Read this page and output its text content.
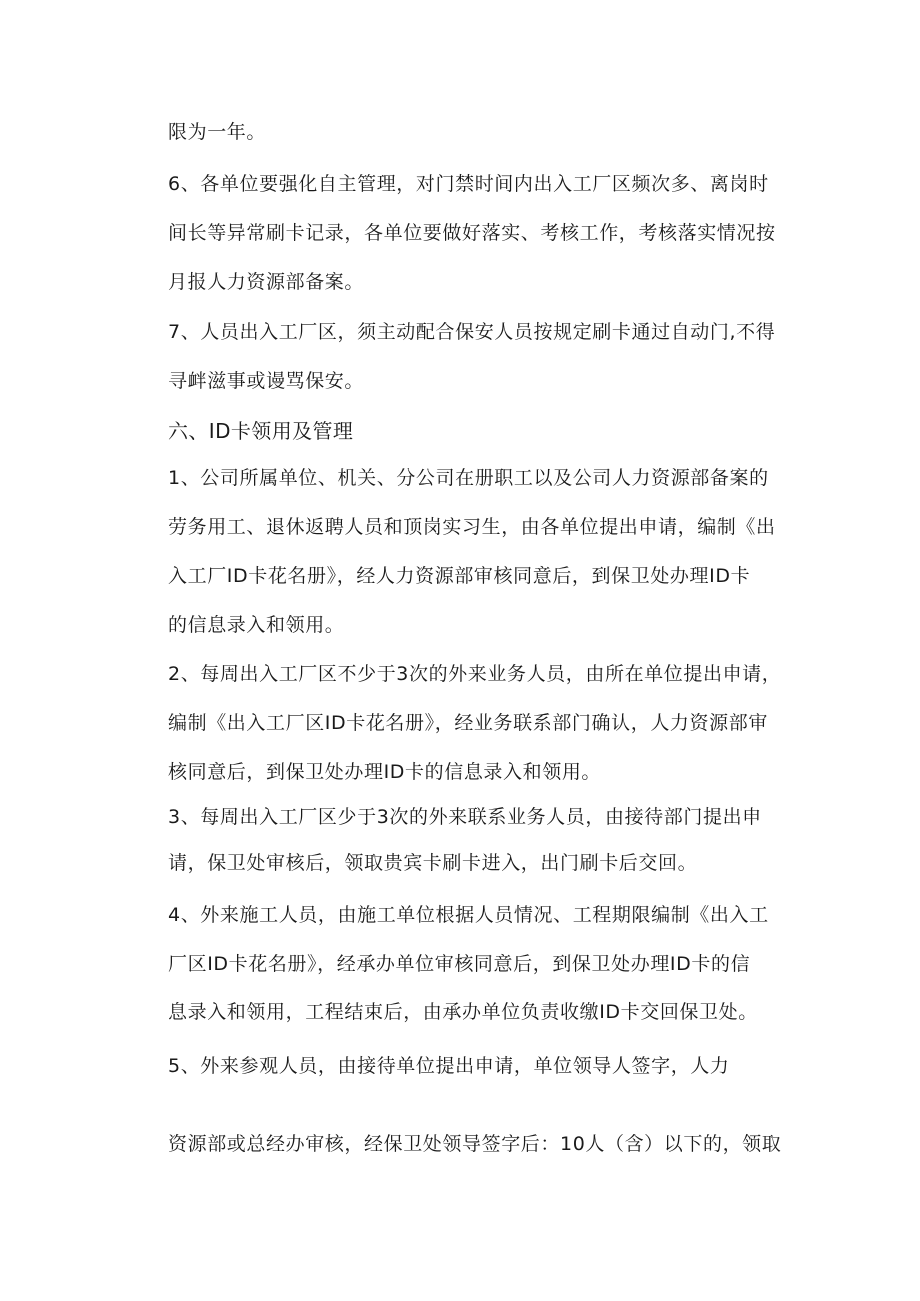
限为一年。
6、各单位要强化自主管理，对门禁时间内出入工厂区频次多、离岗时
间长等异常刷卡记录，各单位要做好落实、考核工作，考核落实情况按
月报人力资源部备案。
7、人员出入工厂区，须主动配合保安人员按规定刷卡通过自动门,不得
寻衅滋事或谩骂保安。
六、ID卡领用及管理
1、公司所属单位、机关、分公司在册职工以及公司人力资源部备案的
劳务用工、退休返聘人员和顶岗实习生，由各单位提出申请，编制《出
入工厂ID卡花名册》，经人力资源部审核同意后，到保卫处办理ID卡
的信息录入和领用。
2、每周出入工厂区不少于3次的外来业务人员，由所在单位提出申请，
编制《出入工厂区ID卡花名册》，经业务联系部门确认，人力资源部审
核同意后，到保卫处办理ID卡的信息录入和领用。
3、每周出入工厂区少于3次的外来联系业务人员，由接待部门提出申
请，保卫处审核后，领取贵宾卡刷卡进入，出门刷卡后交回。
4、外来施工人员，由施工单位根据人员情况、工程期限编制《出入工
厂区ID卡花名册》，经承办单位审核同意后，到保卫处办理ID卡的信
息录入和领用，工程结束后，由承办单位负责收缴ID卡交回保卫处。
5、外来参观人员，由接待单位提出申请，单位领导人签字，人力
资源部或总经办审核，经保卫处领导签字后：10人（含）以下的，领取
